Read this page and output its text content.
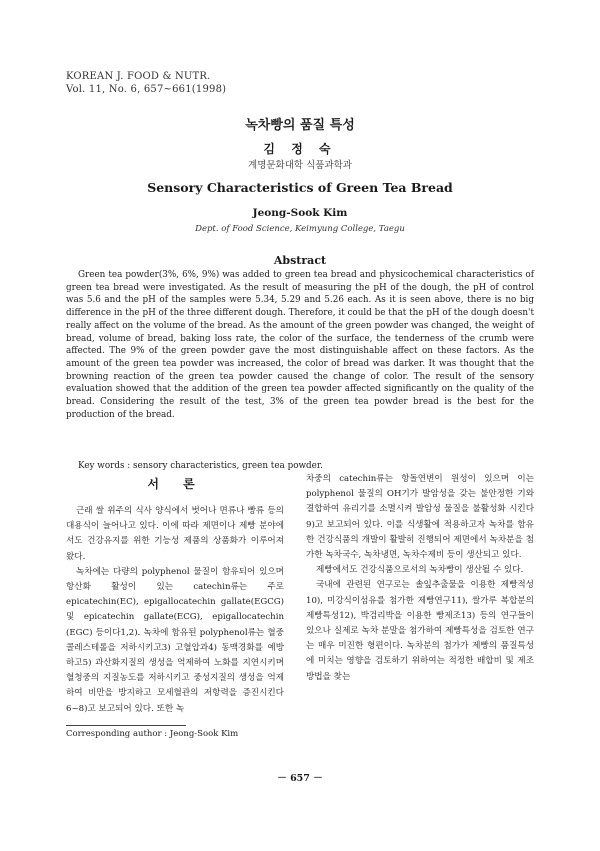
KOREAN J. FOOD & NUTR.
Vol. 11, No. 6, 657~661(1998)
녹차빵의 품질 특성
김 정 숙
계명문화대학 식품과학과
Sensory Characteristics of Green Tea Bread
Jeong-Sook Kim
Dept. of Food Science, Keimyung College, Taegu
Abstract
Green tea powder(3%, 6%, 9%) was added to green tea bread and physicochemical characteristics of green tea bread were investigated. As the result of measuring the pH of the dough, the pH of control was 5.6 and the pH of the samples were 5.34, 5.29 and 5.26 each. As it is seen above, there is no big difference in the pH of the three different dough. Therefore, it could be that the pH of the dough doesn't really affect on the volume of the bread. As the amount of the green powder was changed, the weight of bread, volume of bread, baking loss rate, the color of the surface, the tenderness of the crumb were affected. The 9% of the green powder gave the most distinguishable affect on these factors. As the amount of the green tea powder was increased, the color of bread was darker. It was thought that the browning reaction of the green tea powder caused the change of color. The result of the sensory evaluation showed that the addition of the green tea powder affected significantly on the quality of the bread. Considering the result of the test, 3% of the green tea powder bread is the best for the production of the bread.
Key words : sensory characteristics, green tea powder.
서 론

근래 쌀 위주의 식사 양식에서 벗어나 면류나 빵류 등의 대용식이 늘어나고 있다. 이에 따라 제면이나 제빵 분야에서도 건강유지를 위한 기능성 제품의 상품화가 이루어져 왔다.

녹차에는 다량의 polyphenol 물질이 함유되어 있으며 항산화 활성이 있는 catechin류는 주로 epicatechin(EC), epigallocatechin gallate(EGCG) 및 epicatechin gallate(ECG), epigallocatechin (EGC) 등이다1,2). 녹차에 함유된 polyphenol류는 혈중 콜레스테롤을 저하시키고3) 고혈압과4) 동맥경화를 예방하고5) 과산화지질의 생성을 억제하여 노화를 지연시키며 혈청중의 지질농도를 저하시키고 중성지질의 생성을 억제하여 비만을 방지하고 모세혈관의 저항력을 증진시킨다6~8)고 보고되어 있다. 또한 녹

차중의 catechin류는 항돌연변이 원성이 있으며 이는 polyphenol 물질의 OH기가 발암성을 갖는 불안정한 기와 결합하여 유리기를 소멸시켜 발암성 물질을 불활성화 시킨다9)고 보고되어 있다. 이를 식생활에 적용하고자 녹차를 함유한 건강식품의 개발이 활발히 진행되어 제면에서 녹차분을 첨가한 녹차국수, 녹차냉면, 녹차수제비 등이 생산되고 있다.

제빵에서도 건강식품으로서의 녹차빵이 생산될 수 있다.

국내에 관련된 연구로는 솔잎추출물을 이용한 제빵적성10), 미강식이섬유를 첨가한 제빵연구11), 쌀가루 복합분의 제빵특성12), 박검리박을 이용한 빵제조13) 등의 연구들이 있으나 실제로 녹차 분말을 첨가하여 제빵특성을 검토한 연구는 매우 미진한 형편이다. 녹차분의 첨가가 제빵의 품질특성에 미치는 영향을 검토하기 위하여는 적정한 배합비 및 제조방법을 찾는

Corresponding author : Jeong-Sook Kim
－ 657 －
